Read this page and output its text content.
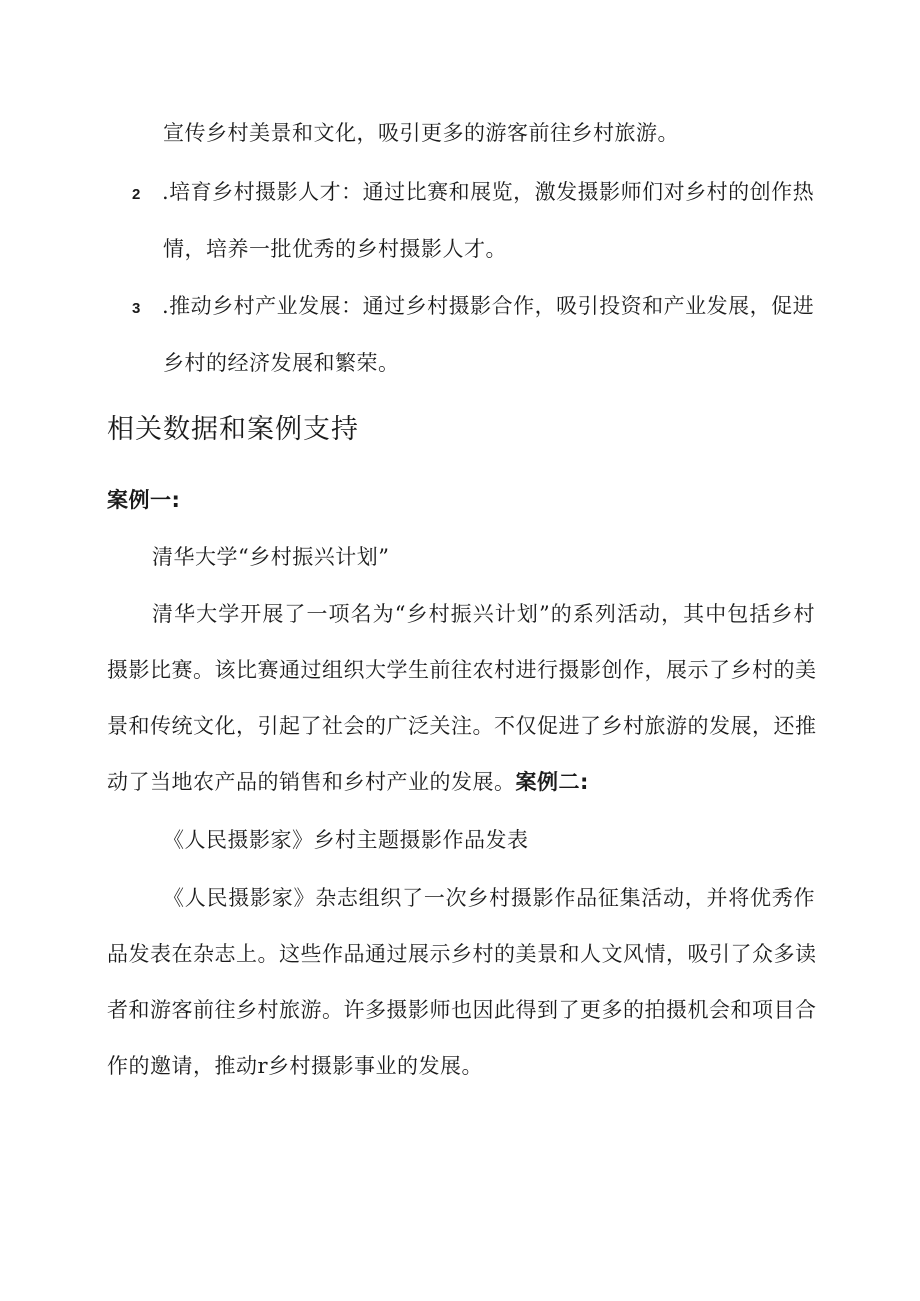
宣传乡村美景和文化，吸引更多的游客前往乡村旅游。
2 .培育乡村摄影人才：通过比赛和展览，激发摄影师们对乡村的创作热
情，培养一批优秀的乡村摄影人才。
3 .推动乡村产业发展：通过乡村摄影合作，吸引投资和产业发展，促进
乡村的经济发展和繁荣。
相关数据和案例支持
案例一:
清华大学“乡村振兴计划”
清华大学开展了一项名为“乡村振兴计划”的系列活动，其中包括乡村
摄影比赛。该比赛通过组织大学生前往农村进行摄影创作，展示了乡村的美
景和传统文化，引起了社会的广泛关注。不仅促进了乡村旅游的发展，还推
动了当地农产品的销售和乡村产业的发展。案例二:
《人民摄影家》乡村主题摄影作品发表
《人民摄影家》杂志组织了一次乡村摄影作品征集活动，并将优秀作
品发表在杂志上。这些作品通过展示乡村的美景和人文风情，吸引了众多读
者和游客前往乡村旅游。许多摄影师也因此得到了更多的拍摄机会和项目合
作的邀请，推动r乡村摄影事业的发展。
